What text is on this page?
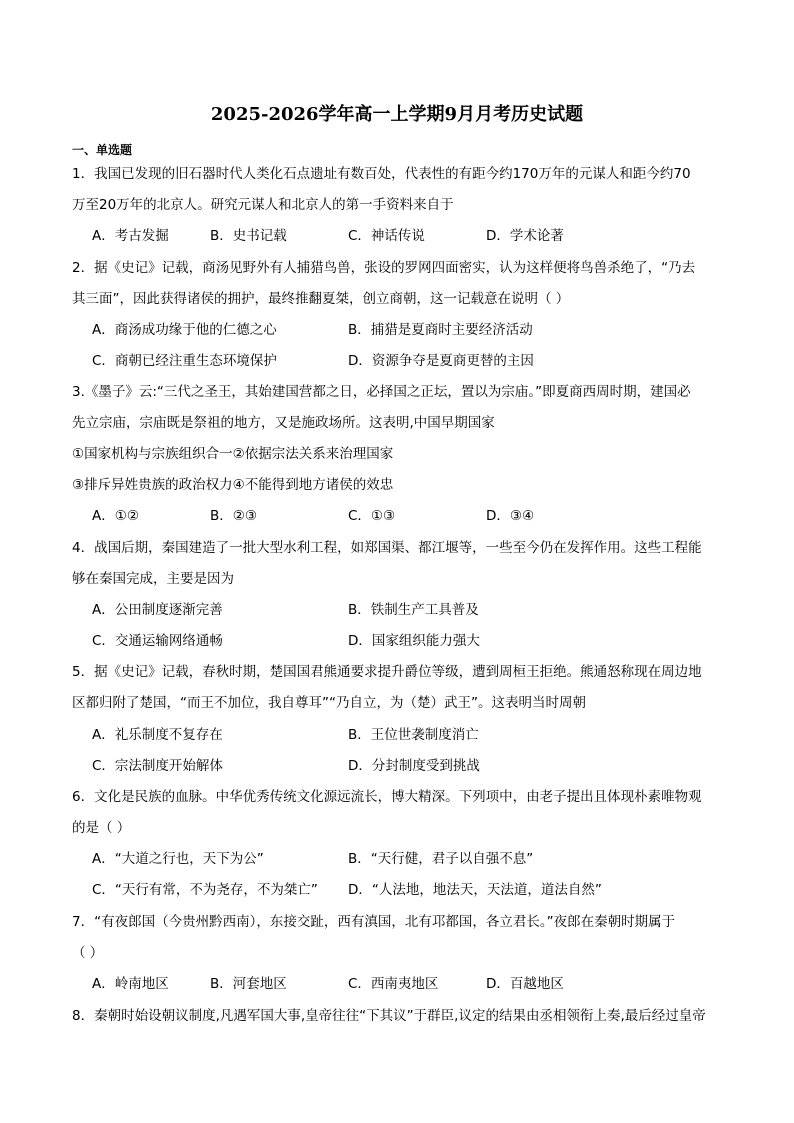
2025-2026学年高一上学期9月月考历史试题
一、单选题
1．我国已发现的旧石器时代人类化石点遗址有数百处，代表性的有距今约170万年的元谋人和距今约70
万至20万年的北京人。研究元谋人和北京人的第一手资料来自于
A．考古发掘	B．史书记载	C．神话传说	D．学术论著
2．据《史记》记载，商汤见野外有人捕猎鸟兽，张设的罗网四面密实，认为这样便将鸟兽杀绝了，“乃去
其三面”，因此获得诸侯的拥护，最终推翻夏桀，创立商朝，这一记载意在说明（ ）
A．商汤成功缘于他的仁德之心	B．捕猎是夏商时主要经济活动
C．商朝已经注重生态环境保护	D．资源争夺是夏商更替的主因
3.《墨子》云:“三代之圣王，其始建国营都之日，必择国之正坛，置以为宗庙。”即夏商西周时期，建国必
先立宗庙，宗庙既是祭祖的地方，又是施政场所。这表明,中国早期国家
①国家机构与宗族组织合一②依据宗法关系来治理国家
③排斥异姓贵族的政治权力④不能得到地方诸侯的效忠
A．①②	B．②③	C．①③	D．③④
4．战国后期，秦国建造了一批大型水利工程，如郑国渠、都江堰等，一些至今仍在发挥作用。这些工程能
够在秦国完成，主要是因为
A．公田制度逐渐完善	B．铁制生产工具普及
C．交通运输网络通畅	D．国家组织能力强大
5．据《史记》记载，春秋时期，楚国国君熊通要求提升爵位等级，遭到周桓王拒绝。熊通怒称现在周边地
区都归附了楚国，“而王不加位，我自尊耳”“乃自立，为（楚）武王”。这表明当时周朝
A．礼乐制度不复存在	B．王位世袭制度消亡
C．宗法制度开始解体	D．分封制度受到挑战
6．文化是民族的血脉。中华优秀传统文化源远流长，博大精深。下列项中，由老子提出且体现朴素唯物观
的是（ ）
A．“大道之行也，天下为公”	B．“天行健，君子以自强不息”
C．“天行有常，不为尧存，不为桀亡” D．“人法地，地法天，天法道，道法自然”
7．“有夜郎国（今贵州黔西南），东接交趾，西有滇国，北有邛都国，各立君长。”夜郎在秦朝时期属于
（ ）
A．岭南地区	B．河套地区	C．西南夷地区	D．百越地区
8．秦朝时始设朝议制度,凡遇军国大事,皇帝往往“下其议”于群臣,议定的结果由丞相领衔上奏,最后经过皇帝
